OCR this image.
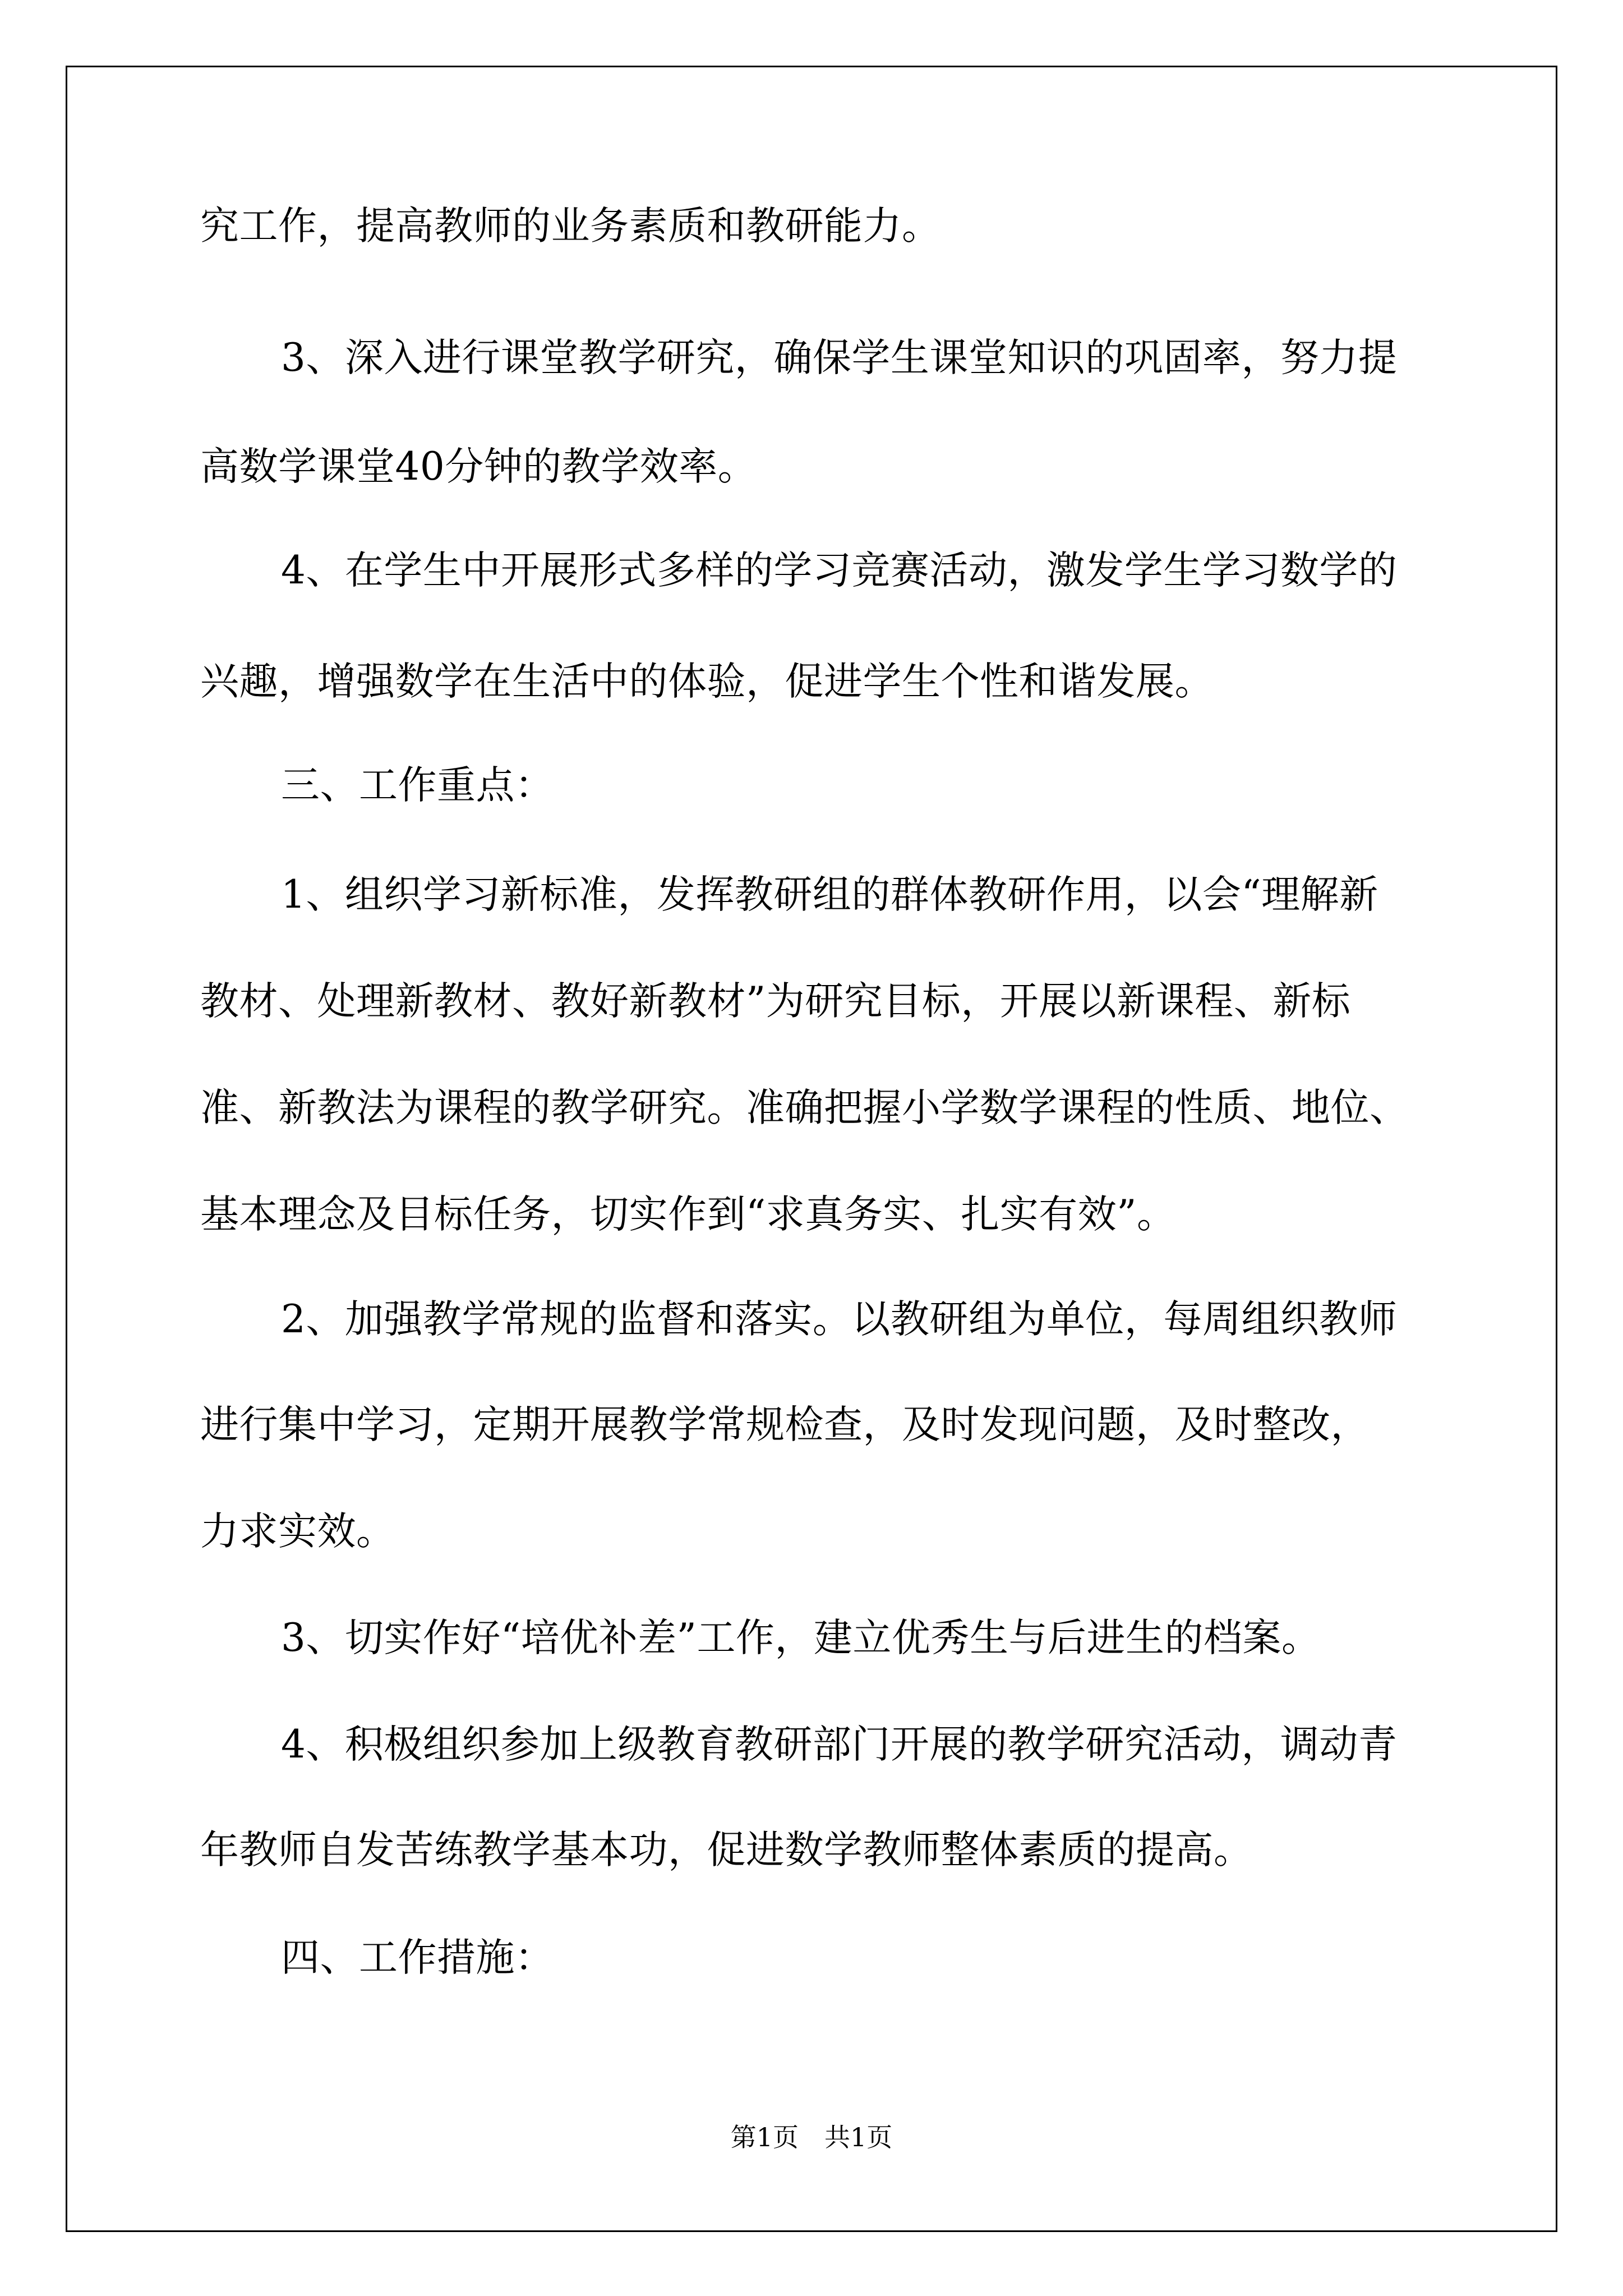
究工作，提高教师的业务素质和教研能力。
3、深入进行课堂教学研究，确保学生课堂知识的巩固率，努力提
高数学课堂40分钟的教学效率。
4、在学生中开展形式多样的学习竞赛活动，激发学生学习数学的
兴趣，增强数学在生活中的体验，促进学生个性和谐发展。
三、工作重点：
1、组织学习新标准，发挥教研组的群体教研作用，以会“理解新
教材、处理新教材、教好新教材”为研究目标，开展以新课程、新标
准、新教法为课程的教学研究。准确把握小学数学课程的性质、地位、
基本理念及目标任务，切实作到“求真务实、扎实有效”。
2、加强教学常规的监督和落实。以教研组为单位，每周组织教师
进行集中学习，定期开展教学常规检查，及时发现问题，及时整改，
力求实效。
3、切实作好“培优补差”工作，建立优秀生与后进生的档案。
4、积极组织参加上级教育教研部门开展的教学研究活动，调动青
年教师自发苦练教学基本功，促进数学教师整体素质的提高。
四、工作措施：
第1页　共1页
